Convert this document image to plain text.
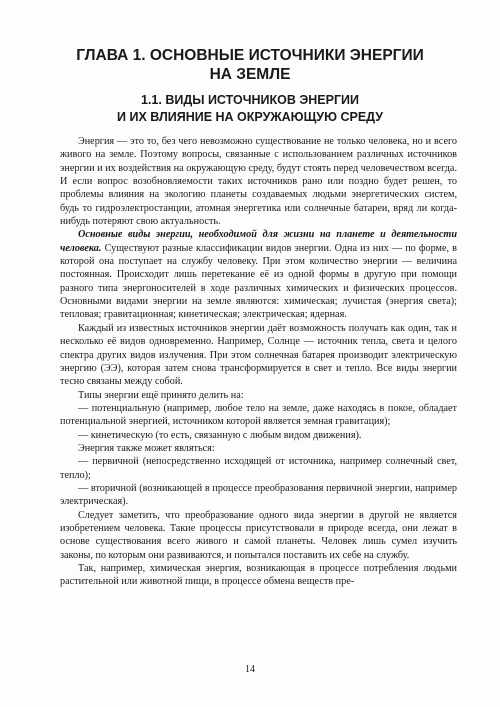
ГЛАВА 1. ОСНОВНЫЕ ИСТОЧНИКИ ЭНЕРГИИ
НА ЗЕМЛЕ
1.1. ВИДЫ ИСТОЧНИКОВ ЭНЕРГИИ
И ИХ ВЛИЯНИЕ НА ОКРУЖАЮЩУЮ СРЕДУ

Энергия — это то, без чего невозможно существование не только человека, но и всего живого на земле. Поэтому вопросы, связанные с использованием различных источников энергии и их воздействия на окружающую среду, будут стоять перед человечеством всегда. И если вопрос возобновляемости таких источников рано или поздно будет решен, то проблемы влияния на экологию планеты создаваемых людьми энергетических систем, будь то гидроэлектростанции, атомная энергетика или солнечные батареи, вряд ли когда-нибудь потеряют свою актуальность.

Основные виды энергии, необходимой для жизни на планете и деятельности человека. Существуют разные классификации видов энергии. Одна из них — по форме, в которой она поступает на службу человеку. При этом количество энергии — величина постоянная. Происходит лишь перетекание её из одной формы в другую при помощи разного типа энергоносителей в ходе различных химических и физических процессов. Основными видами энергии на земле являются: химическая; лучистая (энергия света); тепловая; гравитационная; кинетическая; электрическая; ядерная.

Каждый из известных источников энергии даёт возможность получать как один, так и несколько её видов одновременно. Например, Солнце — источник тепла, света и целого спектра других видов излучения. При этом солнечная батарея производит электрическую энергию (ЭЭ), которая затем снова трансформируется в свет и тепло. Все виды энергии тесно связаны между собой.

Типы энергии ещё принято делить на:

— потенциальную (например, любое тело на земле, даже находясь в покое, обладает потенциальной энергией, источником которой является земная гравитация);

— кинетическую (то есть, связанную с любым видом движения).

Энергия также может являться:

— первичной (непосредственно исходящей от источника, например солнечный свет, тепло);

— вторичной (возникающей в процессе преобразования первичной энергии, например электрическая).

Следует заметить, что преобразование одного вида энергии в другой не является изобретением человека. Такие процессы присутствовали в природе всегда, они лежат в основе существования всего живого и самой планеты. Человек лишь сумел изучить законы, по которым они развиваются, и попытался поставить их себе на службу.

Так, например, химическая энергия, возникающая в процессе потребления людьми растительной или животной пищи, в процессе обмена веществ пре-

14
